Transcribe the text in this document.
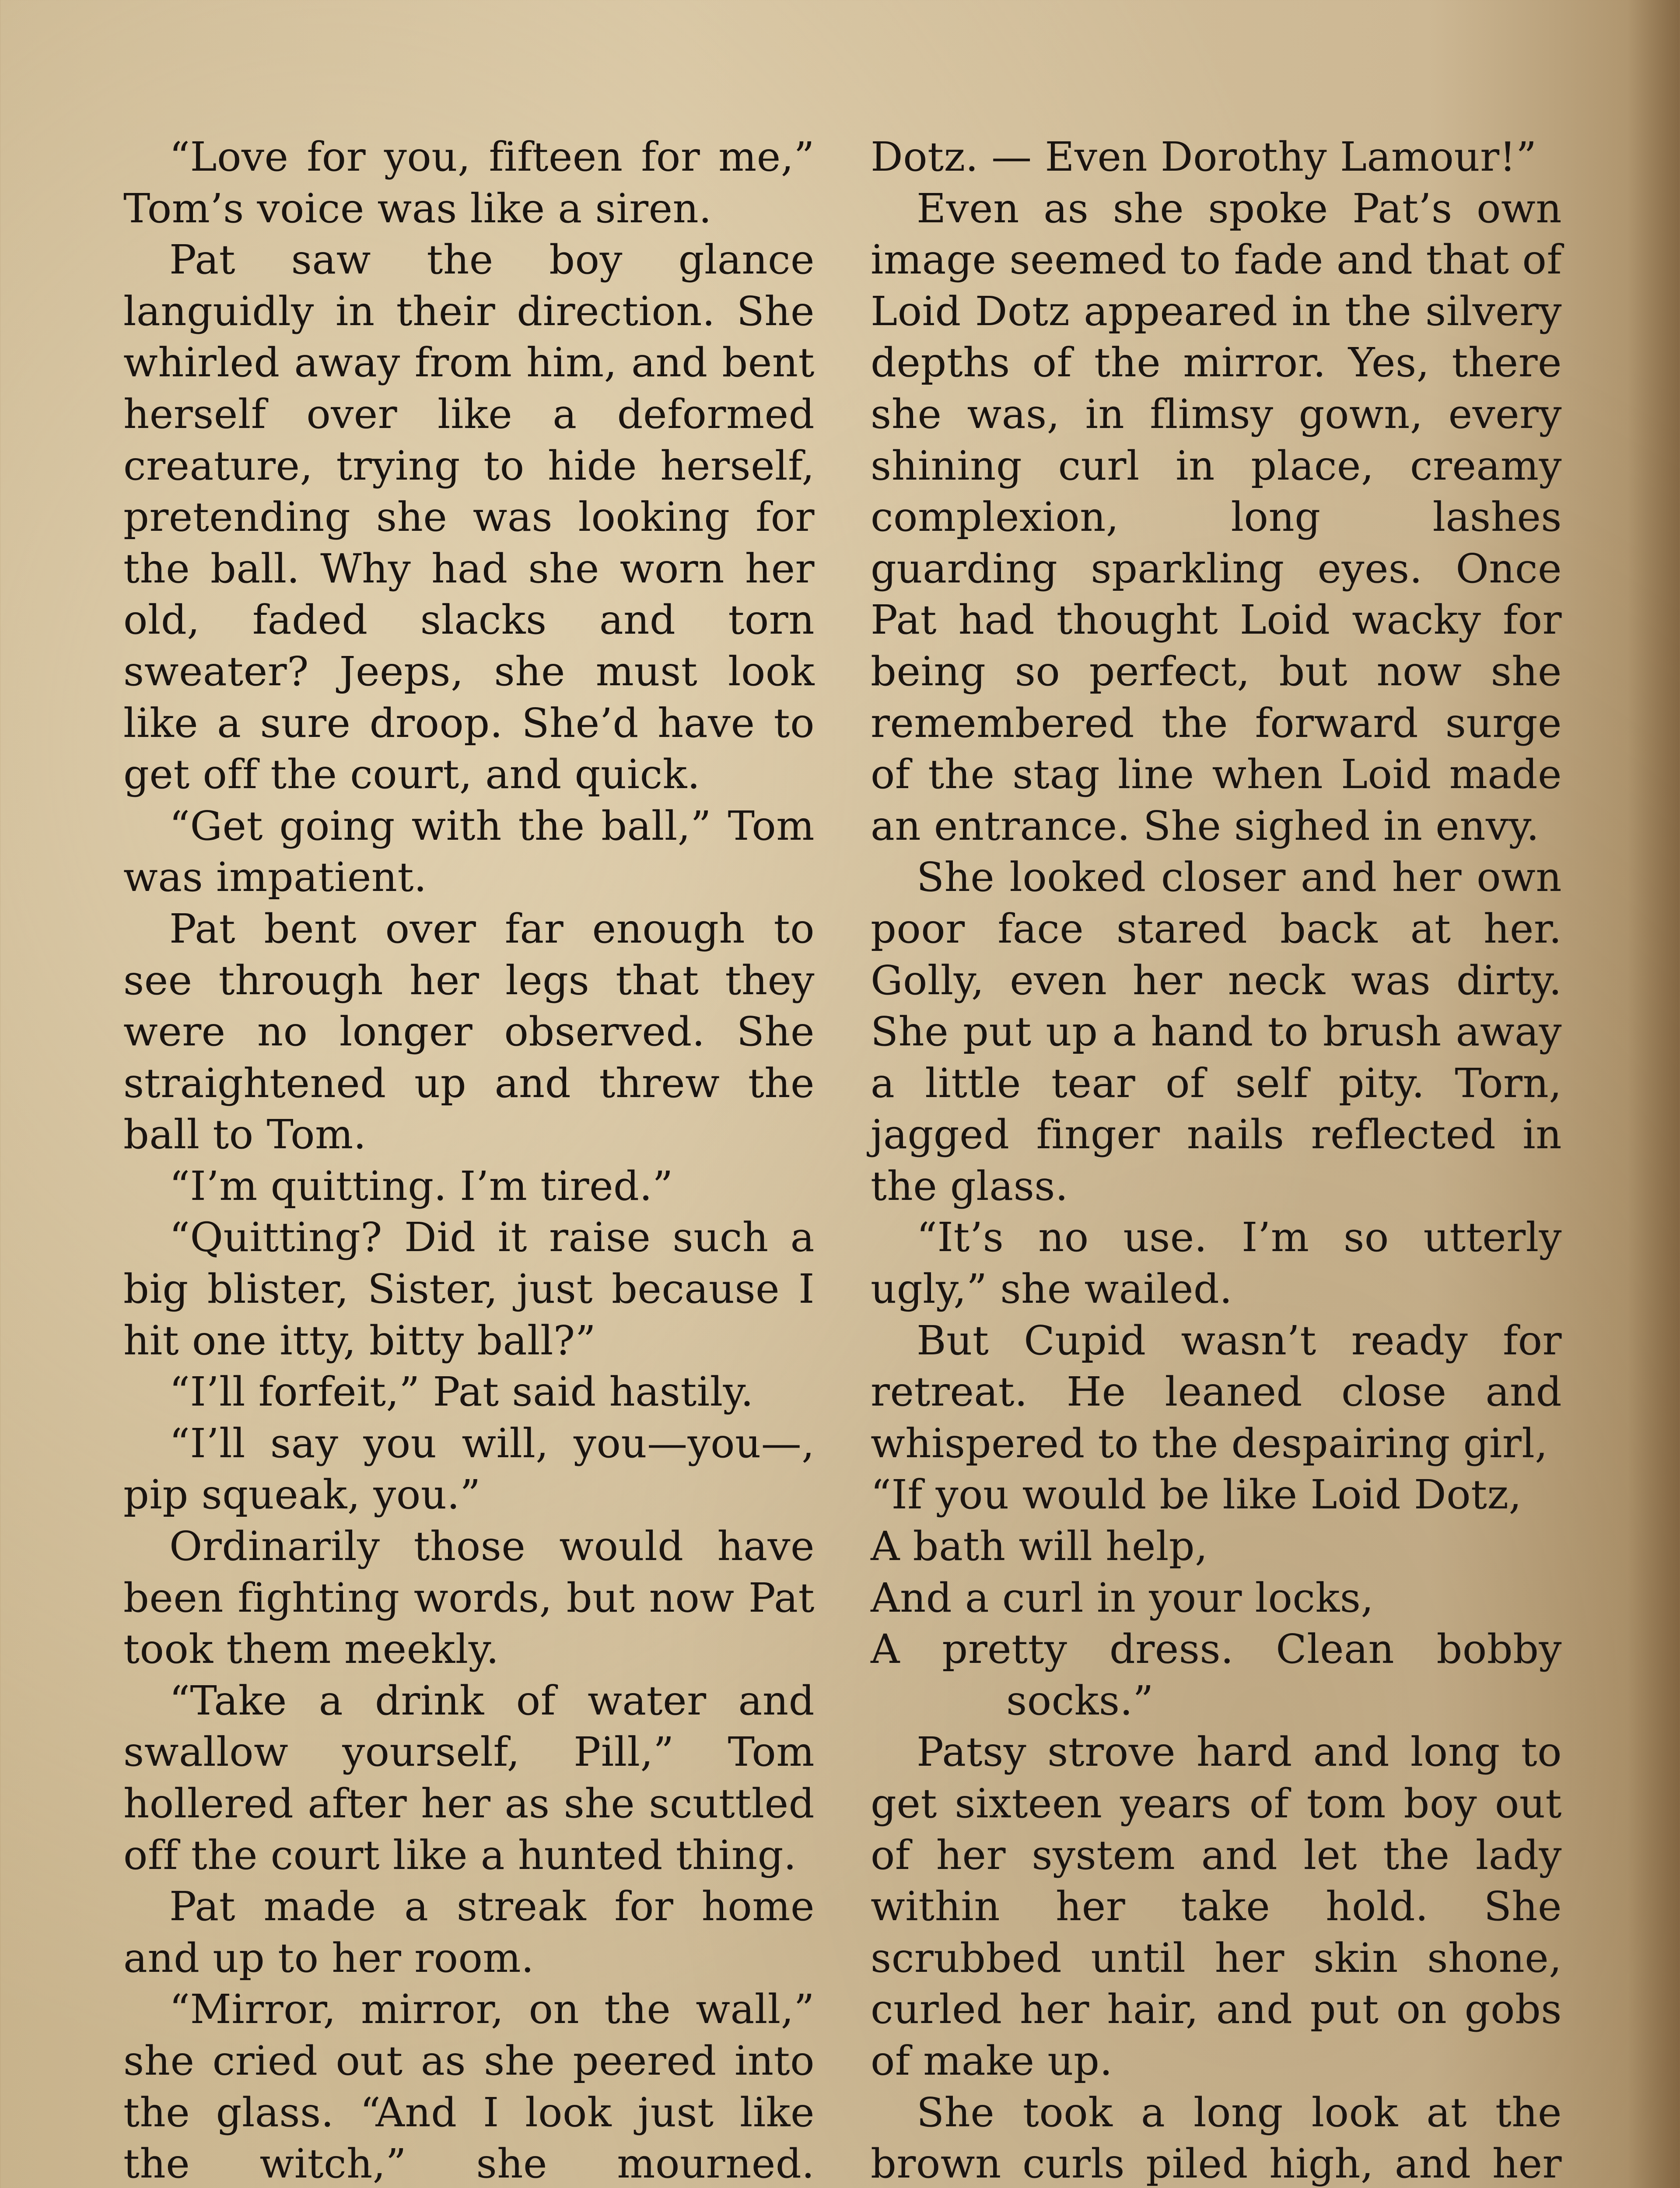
“Love for you, fifteen for me,” Tom’s voice was like a siren.

Pat saw the boy glance languidly in their direction. She whirled away from him, and bent herself over like a deformed creature, trying to hide herself, pretending she was looking for the ball. Why had she worn her old, faded slacks and torn sweater? Jeeps, she must look like a sure droop. She’d have to get off the court, and quick.

“Get going with the ball,” Tom was impatient.

Pat bent over far enough to see through her legs that they were no longer observed. She straightened up and threw the ball to Tom.

“I’m quitting. I’m tired.”

“Quitting? Did it raise such a big blister, Sister, just because I hit one itty, bitty ball?”

“I’ll forfeit,” Pat said hastily.

“I’ll say you will, you—you—, pip squeak, you.”

Ordinarily those would have been fighting words, but now Pat took them meekly.

“Take a drink of water and swallow yourself, Pill,” Tom hollered after her as she scuttled off the court like a hunted thing.

Pat made a streak for home and up to her room.

“Mirror, mirror, on the wall,” she cried out as she peered into the glass. “And I look just like the witch,” she mourned.

Dotz. — Even Dorothy Lamour!”

Even as she spoke Pat’s own image seemed to fade and that of Loid Dotz appeared in the silvery depths of the mirror. Yes, there she was, in flimsy gown, every shining curl in place, creamy complexion, long lashes guarding sparkling eyes. Once Pat had thought Loid wacky for being so perfect, but now she remembered the forward surge of the stag line when Loid made an entrance. She sighed in envy.

She looked closer and her own poor face stared back at her. Golly, even her neck was dirty. She put up a hand to brush away a little tear of self pity. Torn, jagged finger nails reflected in the glass.

“It’s no use. I’m so utterly ugly,” she wailed.

But Cupid wasn’t ready for retreat. He leaned close and whispered to the despairing girl,

“If you would be like Loid Dotz,

A bath will help,

And a curl in your locks,

A pretty dress. Clean bobby

socks.”

Patsy strove hard and long to get sixteen years of tom boy out of her system and let the lady within her take hold. She scrubbed until her skin shone, curled her hair, and put on gobs of make up.

She took a long look at the brown curls piled high, and her
